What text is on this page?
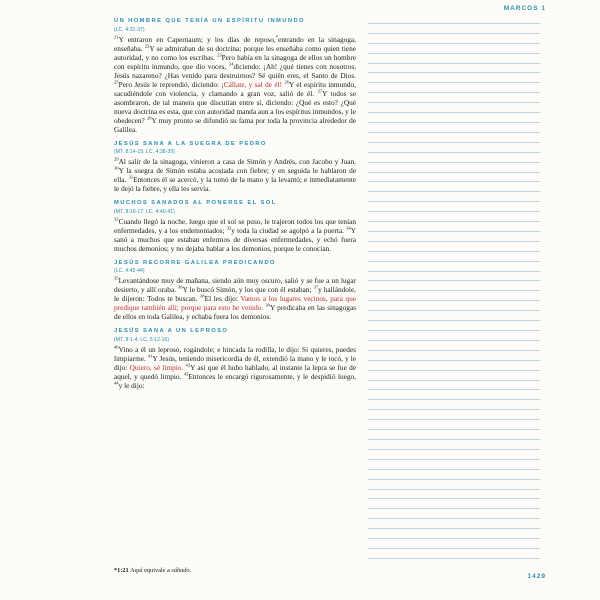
MARCOS 1
UN HOMBRE QUE TENÍA UN ESPÍRITU INMUNDO
(LC. 4:31-37)

$^{21}$Y entraron en Capernaum; y los días de reposo,*entrando en la sinagoga, enseñaba. $^{22}$Y se admiraban de su doctrina; porque les enseñaba como quien tiene autoridad, y no como los escribas. $^{23}$Pero había en la sinagoga de ellos un hombre con espíritu inmundo, que dio voces, $^{24}$diciendo: ¡Ah! ¿qué tienes con nosotros, Jesús nazareno? ¿Has venido para destruirnos? Sé quién eres, el Santo de Dios. $^{25}$Pero Jesús le reprendió, diciendo: ¡Cállate, y sal de él! $^{26}$Y el espíritu inmundo, sacudiéndole con violencia, y clamando a gran voz, salió de él. $^{27}$Y todos se asombraron, de tal manera que discutían entre sí, diciendo: ¿Qué es esto? ¿Qué nueva doctrina es esta, que con autoridad manda aun a los espíritus inmundos, y le obedecen? $^{28}$Y muy pronto se difundió su fama por toda la provincia alrededor de Galilea.

JESÚS SANA A LA SUEGRA DE PEDRO
(MT. 8:14-15; LC. 4:38-39)

$^{29}$Al salir de la sinagoga, vinieron a casa de Simón y Andrés, con Jacobo y Juan. $^{30}$Y la suegra de Simón estaba acostada con fiebre; y en seguida le hablaron de ella. $^{31}$Entonces él se acercó, y la tomó de la mano y la levantó; e inmediatamente le dejó la fiebre, y ella les servía.

MUCHOS SANADOS AL PONERSE EL SOL
(MT. 8:16-17; LC. 4:40-41)

$^{32}$Cuando llegó la noche, luego que el sol se puso, le trajeron todos los que tenían enfermedades, y a los endemoniados; $^{33}$y toda la ciudad se agolpó a la puerta. $^{34}$Y sanó a muchos que estaban enfermos de diversas enfermedades, y echó fuera muchos demonios; y no dejaba hablar a los demonios, porque le conocían.

JESÚS RECORRE GALILEA PREDICANDO
(LC. 4:42-44)

$^{35}$Levantándose muy de mañana, siendo aún muy oscuro, salió y se fue a un lugar desierto, y allí oraba. $^{36}$Y le buscó Simón, y los que con él estaban; $^{37}$y hallándole, le dijeron: Todos te buscan. $^{38}$El les dijo: Vamos a los lugares vecinos, para que predique también allí; porque para esto he venido. $^{39}$Y predicaba en las sinagogas de ellos en toda Galilea, y echaba fuera los demonios.

JESÚS SANA A UN LEPROSO
(MT. 8:1-4; LC. 5:12-16)

$^{40}$Vino a él un leproso, rogándole; e hincada la rodilla, le dijo: Si quieres, puedes limpiarme. $^{41}$Y Jesús, teniendo misericordia de él, extendió la mano y le tocó, y le dijo: Quiero, sé limpio. $^{42}$Y así que él hubo hablado, al instante la lepra se fue de aquel, y quedó limpio. $^{43}$Entonces le encargó rigurosamente, y le despidió luego, $^{44}$y le dijo:

*1:21 Aquí equivale a sábado.
1429
